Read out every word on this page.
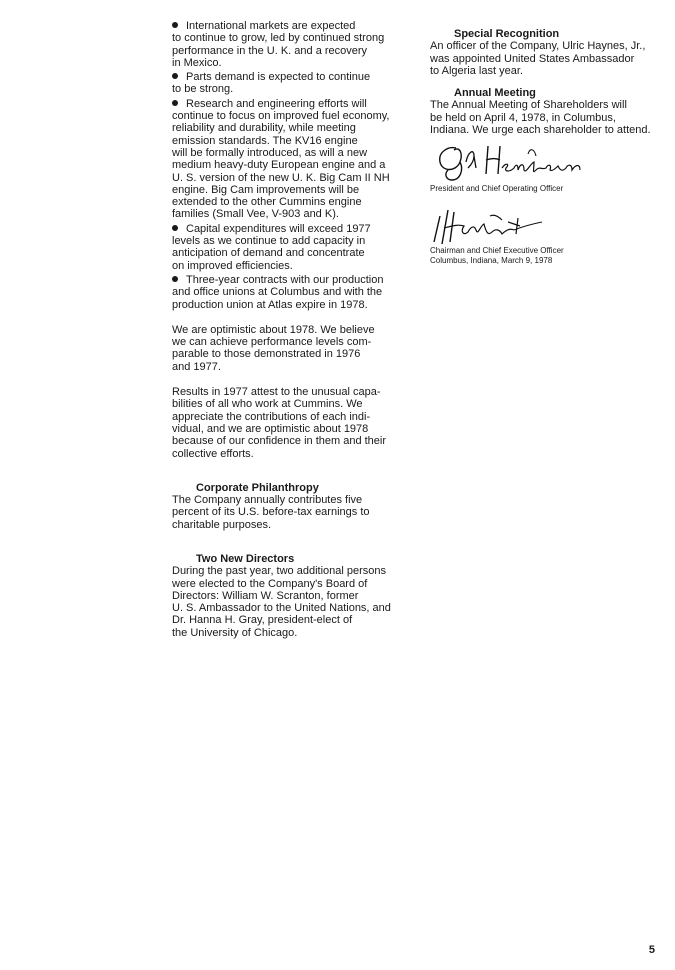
International markets are expected
to continue to grow, led by continued strong
performance in the U. K. and a recovery
in Mexico.
Parts demand is expected to continue
to be strong.
Research and engineering efforts will
continue to focus on improved fuel economy,
reliability and durability, while meeting
emission standards. The KV16 engine
will be formally introduced, as will a new
medium heavy-duty European engine and a
U. S. version of the new U. K. Big Cam II NH
engine. Big Cam improvements will be
extended to the other Cummins engine
families (Small Vee, V-903 and K).
Capital expenditures will exceed 1977
levels as we continue to add capacity in
anticipation of demand and concentrate
on improved efficiencies.
Three-year contracts with our production
and office unions at Columbus and with the
production union at Atlas expire in 1978.
We are optimistic about 1978. We believe
we can achieve performance levels com-
parable to those demonstrated in 1976
and 1977.
Results in 1977 attest to the unusual capa-
bilities of all who work at Cummins. We
appreciate the contributions of each indi-
vidual, and we are optimistic about 1978
because of our confidence in them and their
collective efforts.
Corporate Philanthropy
The Company annually contributes five
percent of its U.S. before-tax earnings to
charitable purposes.
Two New Directors
During the past year, two additional persons
were elected to the Company's Board of
Directors: William W. Scranton, former
U. S. Ambassador to the United Nations, and
Dr. Hanna H. Gray, president-elect of
the University of Chicago.
Special Recognition
An officer of the Company, Ulric Haynes, Jr.,
was appointed United States Ambassador
to Algeria last year.
Annual Meeting
The Annual Meeting of Shareholders will
be held on April 4, 1978, in Columbus,
Indiana. We urge each shareholder to attend.
President and Chief Operating Officer
Chairman and Chief Executive Officer
Columbus, Indiana, March 9, 1978
5
